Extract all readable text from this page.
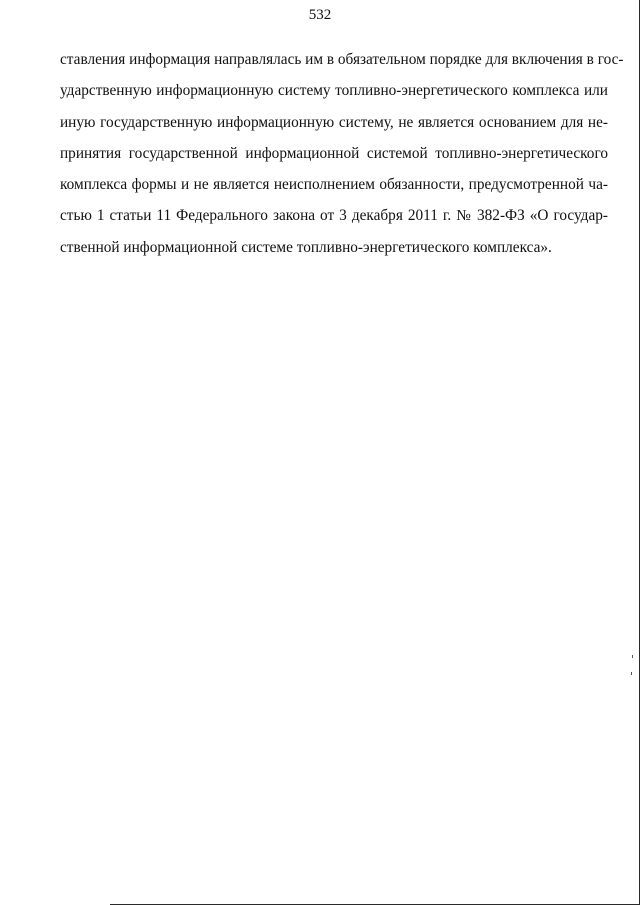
532

ставления информация направлялась им в обязательном порядке для включения в гос-
ударственную информационную систему топливно-энергетического комплекса или
иную государственную информационную систему, не является основанием для не-
принятия государственной информационной системой топливно-энергетического
комплекса формы и не является неисполнением обязанности, предусмотренной ча-
стью 1 статьи 11 Федерального закона от 3 декабря 2011 г. № 382-ФЗ «О государ-
ственной информационной системе топливно-энергетического комплекса».
